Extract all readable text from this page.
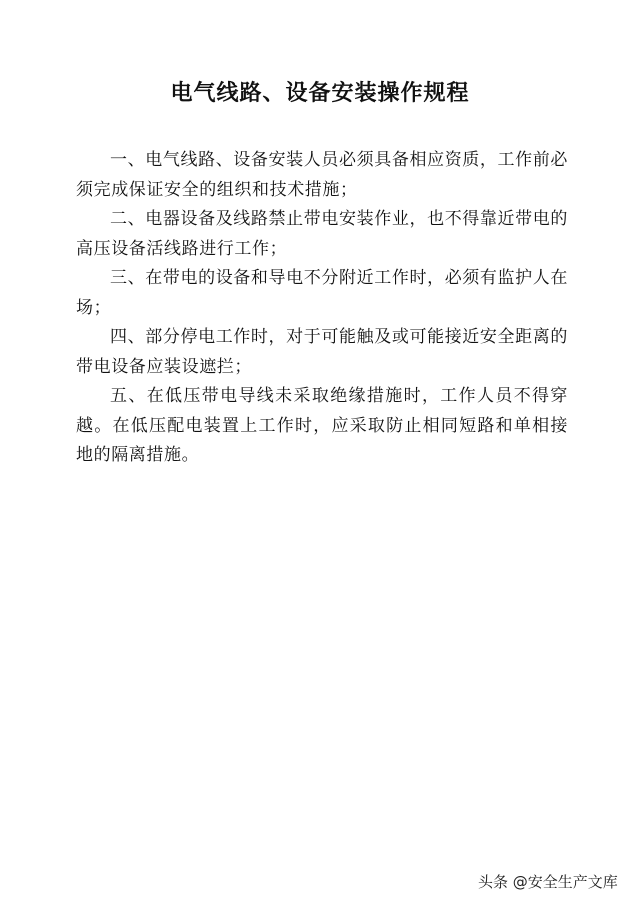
电气线路、设备安装操作规程

一、电气线路、设备安装人员必须具备相应资质，工作前必须完成保证安全的组织和技术措施；

二、电器设备及线路禁止带电安装作业，也不得靠近带电的高压设备活线路进行工作；

三、在带电的设备和导电不分附近工作时，必须有监护人在场；

四、部分停电工作时，对于可能触及或可能接近安全距离的带电设备应装设遮拦；

五、在低压带电导线未采取绝缘措施时，工作人员不得穿越。在低压配电装置上工作时，应采取防止相同短路和单相接地的隔离措施。

头条 @安全生产文库
